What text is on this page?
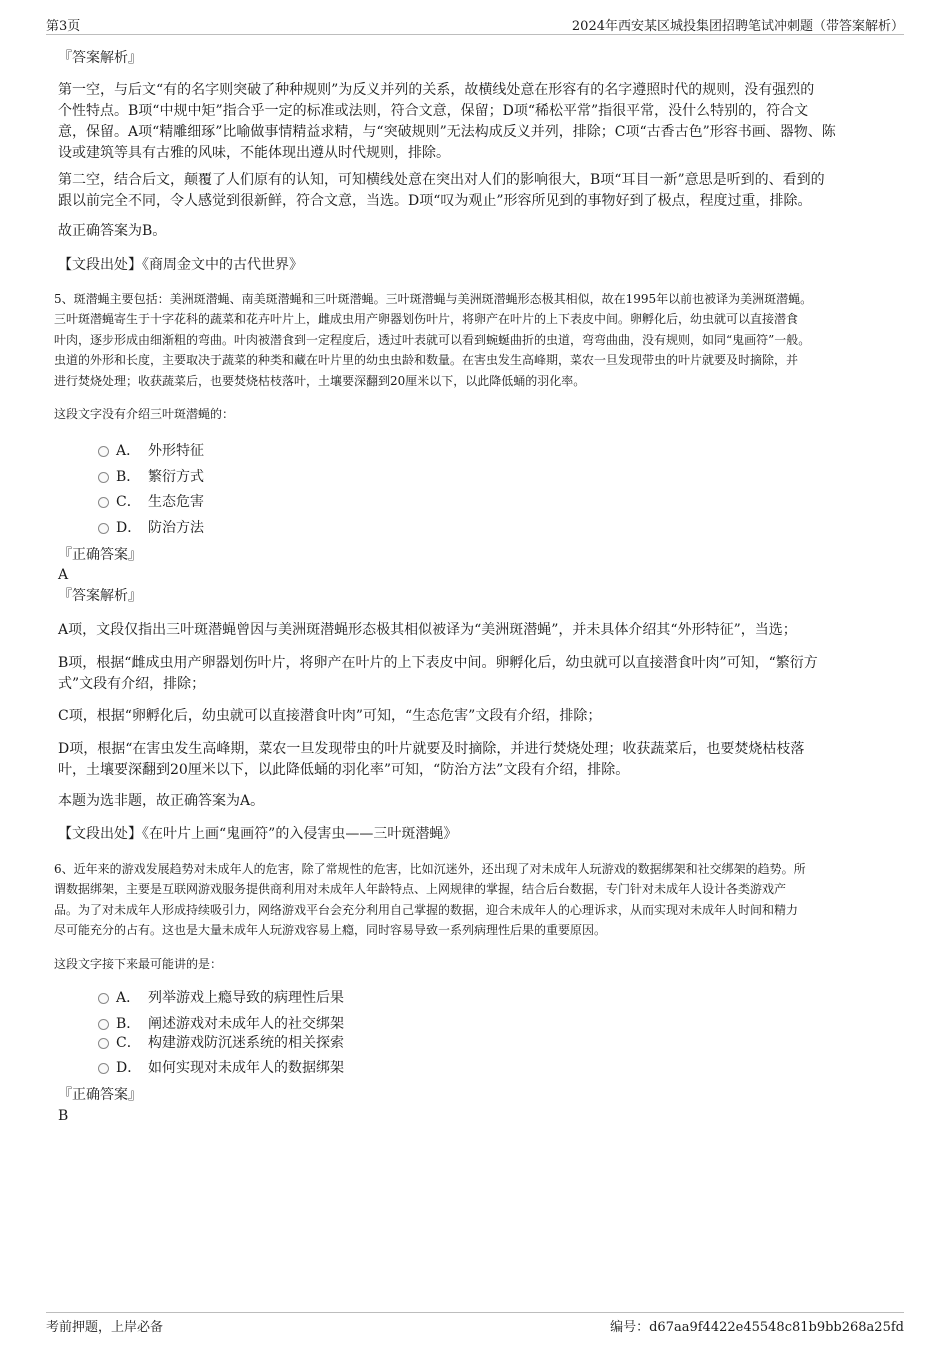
第3页	2024年西安某区城投集团招聘笔试冲刺题（带答案解析）
『答案解析』
第一空，与后文“有的名字则突破了种种规则”为反义并列的关系，故横线处意在形容有的名字遵照时代的规则，没有强烈的
个性特点。B项“中规中矩”指合乎一定的标准或法则，符合文意，保留；D项“稀松平常”指很平常，没什么特别的，符合文
意，保留。A项“精雕细琢”比喻做事情精益求精，与“突破规则”无法构成反义并列，排除；C项“古香古色”形容书画、器物、陈
设或建筑等具有古雅的风味，不能体现出遵从时代规则，排除。
第二空，结合后文，颠覆了人们原有的认知，可知横线处意在突出对人们的影响很大，B项“耳目一新”意思是听到的、看到的
跟以前完全不同，令人感觉到很新鲜，符合文意，当选。D项“叹为观止”形容所见到的事物好到了极点，程度过重，排除。
故正确答案为B。
【文段出处】《商周金文中的古代世界》
5、斑潜蝇主要包括：美洲斑潜蝇、南美斑潜蝇和三叶斑潜蝇。三叶斑潜蝇与美洲斑潜蝇形态极其相似，故在1995年以前也被译为美洲斑潜蝇。
三叶斑潜蝇寄生于十字花科的蔬菜和花卉叶片上，雌成虫用产卵器划伤叶片，将卵产在叶片的上下表皮中间。卵孵化后，幼虫就可以直接潜食
叶肉，逐步形成由细渐粗的弯曲。叶肉被潜食到一定程度后，透过叶表就可以看到蜿蜒曲折的虫道，弯弯曲曲，没有规则，如同“鬼画符”一般。
虫道的外形和长度，主要取决于蔬菜的种类和藏在叶片里的幼虫虫龄和数量。在害虫发生高峰期，菜农一旦发现带虫的叶片就要及时摘除，并
进行焚烧处理；收获蔬菜后，也要焚烧枯枝落叶，土壤要深翻到20厘米以下，以此降低蛹的羽化率。
这段文字没有介绍三叶斑潜蝇的：
A． 外形特征
B． 繁衍方式
C． 生态危害
D． 防治方法
『正确答案』
A
『答案解析』
A项，文段仅指出三叶斑潜蝇曾因与美洲斑潜蝇形态极其相似被译为“美洲斑潜蝇”，并未具体介绍其“外形特征”，当选；
B项，根据“雌成虫用产卵器划伤叶片，将卵产在叶片的上下表皮中间。卵孵化后，幼虫就可以直接潜食叶肉”可知，“繁衍方
式”文段有介绍，排除；
C项，根据“卵孵化后，幼虫就可以直接潜食叶肉”可知，“生态危害”文段有介绍，排除；
D项，根据“在害虫发生高峰期，菜农一旦发现带虫的叶片就要及时摘除，并进行焚烧处理；收获蔬菜后，也要焚烧枯枝落
叶，土壤要深翻到20厘米以下，以此降低蛹的羽化率”可知，“防治方法”文段有介绍，排除。
本题为选非题，故正确答案为A。
【文段出处】《在叶片上画“鬼画符”的入侵害虫——三叶斑潜蝇》
6、近年来的游戏发展趋势对未成年人的危害，除了常规性的危害，比如沉迷外，还出现了对未成年人玩游戏的数据绑架和社交绑架的趋势。所
谓数据绑架，主要是互联网游戏服务提供商利用对未成年人年龄特点、上网规律的掌握，结合后台数据，专门针对未成年人设计各类游戏产
品。为了对未成年人形成持续吸引力，网络游戏平台会充分利用自己掌握的数据，迎合未成年人的心理诉求，从而实现对未成年人时间和精力
尽可能充分的占有。这也是大量未成年人玩游戏容易上瘾，同时容易导致一系列病理性后果的重要原因。
这段文字接下来最可能讲的是：
A． 列举游戏上瘾导致的病理性后果
B． 阐述游戏对未成年人的社交绑架
C． 构建游戏防沉迷系统的相关探索
D． 如何实现对未成年人的数据绑架
『正确答案』
B
考前押题，上岸必备	编号：d67aa9f4422e45548c81b9bb268a25fd
